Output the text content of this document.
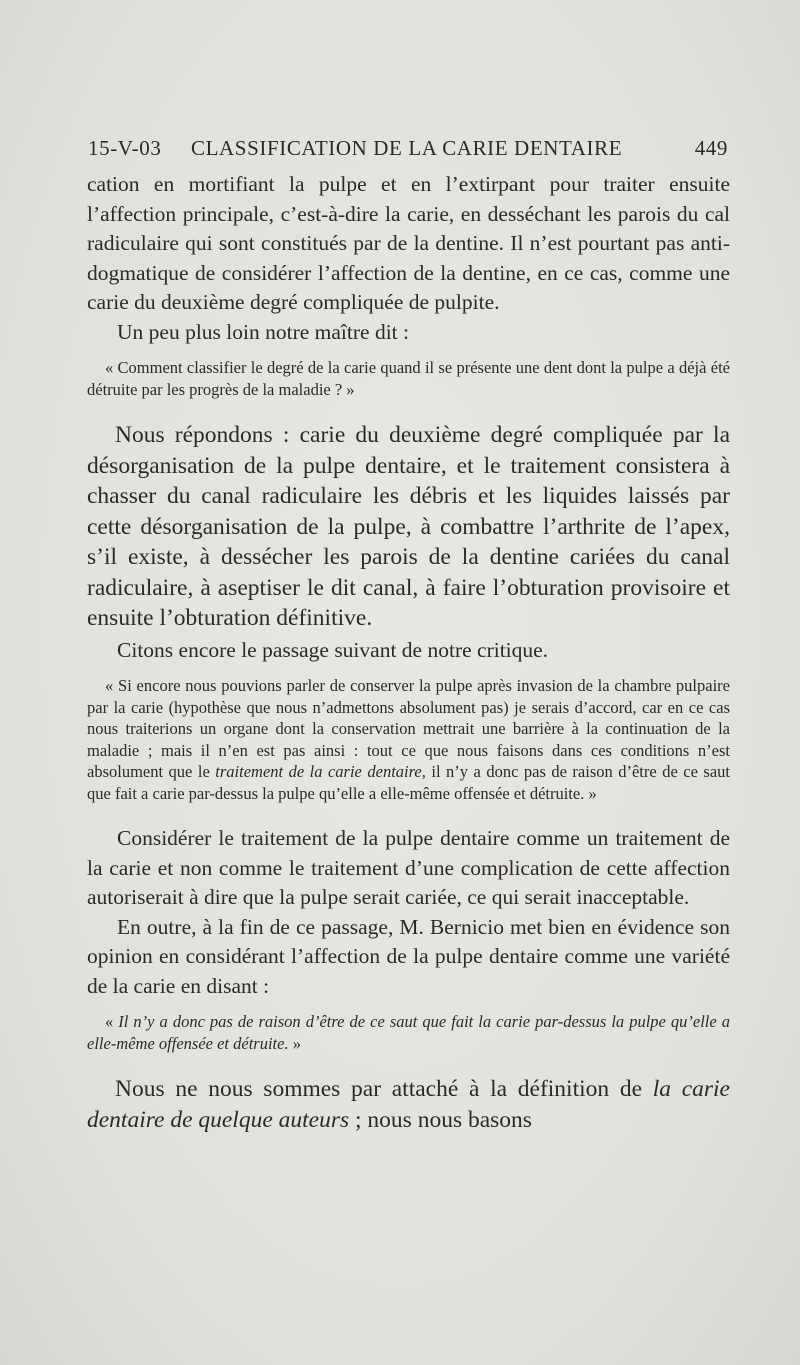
15-V-03 CLASSIFICATION DE LA CARIE DENTAIRE	449

cation en mortifiant la pulpe et en l’extirpant pour traiter ensuite l’affection principale, c’est-à-dire la carie, en desséchant les parois du cal radiculaire qui sont constitués par de la dentine. Il n’est pourtant pas anti-dogmatique de considérer l’affection de la dentine, en ce cas, comme une carie du deuxième degré compliquée de pulpite.

Un peu plus loin notre maître dit :

« Comment classifier le degré de la carie quand il se présente une dent dont la pulpe a déjà été détruite par les progrès de la maladie ? »

Nous répondons : carie du deuxième degré compliquée par la désorganisation de la pulpe dentaire, et le traitement consistera à chasser du canal radiculaire les débris et les liquides laissés par cette désorganisation de la pulpe, à combattre l’arthrite de l’apex, s’il existe, à dessécher les parois de la dentine cariées du canal radiculaire, à aseptiser le dit canal, à faire l’obturation provisoire et ensuite l’obturation définitive.

Citons encore le passage suivant de notre critique.

« Si encore nous pouvions parler de conserver la pulpe après invasion de la chambre pulpaire par la carie (hypothèse que nous n’admettons absolument pas) je serais d’accord, car en ce cas nous traiterions un organe dont la conservation mettrait une barrière à la continuation de la maladie ; mais il n’en est pas ainsi : tout ce que nous faisons dans ces conditions n’est absolument que le traitement de la carie dentaire, il n’y a donc pas de raison d’être de ce saut que fait a carie par-dessus la pulpe qu’elle a elle-même offensée et détruite. »

Considérer le traitement de la pulpe dentaire comme un traitement de la carie et non comme le traitement d’une complication de cette affection autoriserait à dire que la pulpe serait cariée, ce qui serait inacceptable.

En outre, à la fin de ce passage, M. Bernicio met bien en évidence son opinion en considérant l’affection de la pulpe dentaire comme une variété de la carie en disant :

« Il n’y a donc pas de raison d’être de ce saut que fait la carie par-dessus la pulpe qu’elle a elle-même offensée et détruite. »

Nous ne nous sommes par attaché à la définition de la carie dentaire de quelque auteurs ; nous nous basons
